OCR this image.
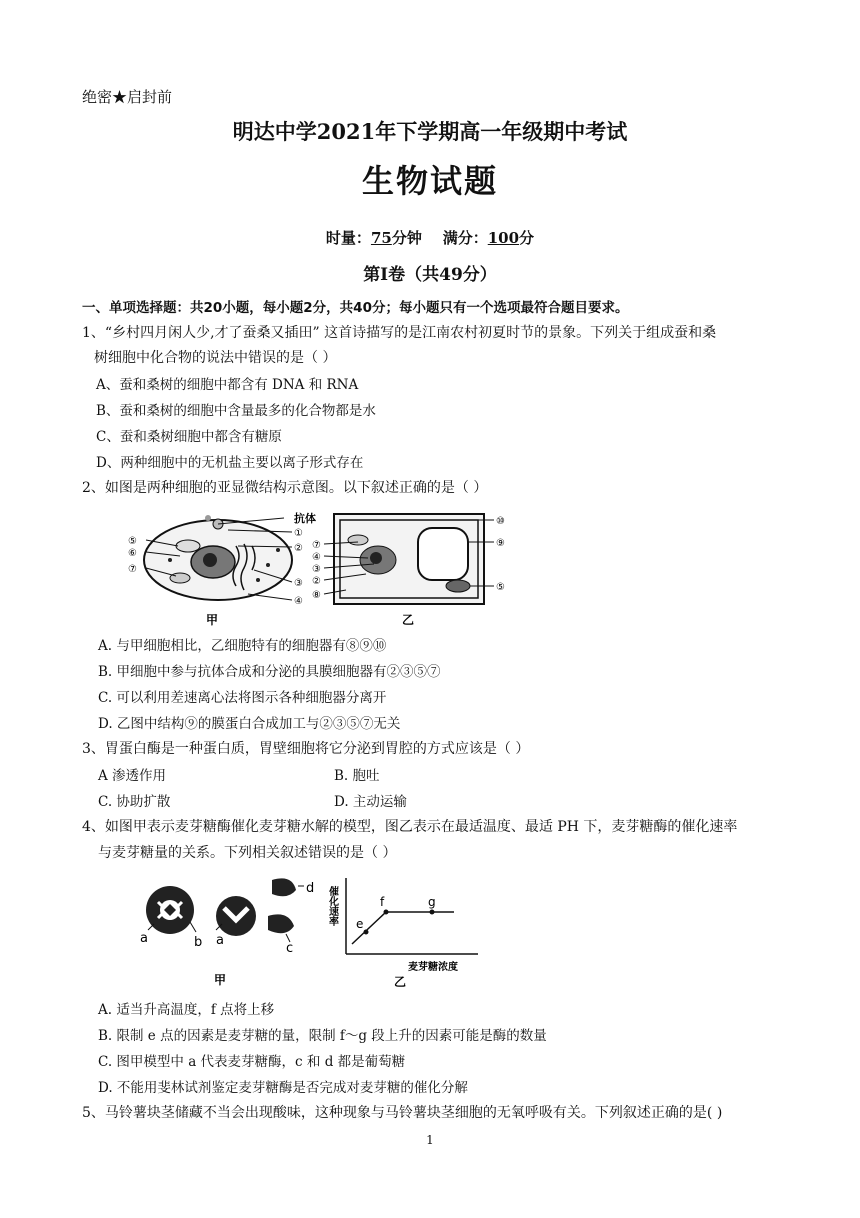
绝密★启封前
明达中学2021年下学期高一年级期中考试
生物试题
时量：75分钟 满分：100分
第Ⅰ卷（共49分）
一、单项选择题：共20小题，每小题2分，共40分；每小题只有一个选项最符合题目要求。
1、“乡村四月闲人少,才了蚕桑又插田” 这首诗描写的是江南农村初夏时节的景象。下列关于组成蚕和桑
树细胞中化合物的说法中错误的是（ ）
A、蚕和桑树的细胞中都含有 DNA 和 RNA
B、蚕和桑树的细胞中含量最多的化合物都是水
C、蚕和桑树细胞中都含有糖原
D、两种细胞中的无机盐主要以离子形式存在
2、如图是两种细胞的亚显微结构示意图。以下叙述正确的是（ ）
抗体
⑤
⑥
⑦
①
②
③
④
甲
⑦
④
③
②
⑧
⑩
⑨
⑤
乙
A. 与甲细胞相比，乙细胞特有的细胞器有⑧⑨⑩
B. 甲细胞中参与抗体合成和分泌的具膜细胞器有②③⑤⑦
C. 可以利用差速离心法将图示各种细胞器分离开
D. 乙图中结构⑨的膜蛋白合成加工与②③⑤⑦无关
3、胃蛋白酶是一种蛋白质，胃壁细胞将它分泌到胃腔的方式应该是（ ）
A 渗透作用	B. 胞吐
C. 协助扩散	D. 主动运输
4、如图甲表示麦芽糖酶催化麦芽糖水解的模型，图乙表示在最适温度、最适 PH 下，麦芽糖酶的催化速率
与麦芽糖量的关系。下列相关叙述错误的是（ ）
a	b a
d
c
甲
e
f	g
催化速率
麦芽糖浓度
乙
A. 适当升高温度，f 点将上移
B. 限制 e 点的因素是麦芽糖的量，限制 f～g 段上升的因素可能是酶的数量
C. 图甲模型中 a 代表麦芽糖酶，c 和 d 都是葡萄糖
D. 不能用斐林试剂鉴定麦芽糖酶是否完成对麦芽糖的催化分解
5、马铃薯块茎储藏不当会出现酸味，这种现象与马铃薯块茎细胞的无氧呼吸有关。下列叙述正确的是( )
1
